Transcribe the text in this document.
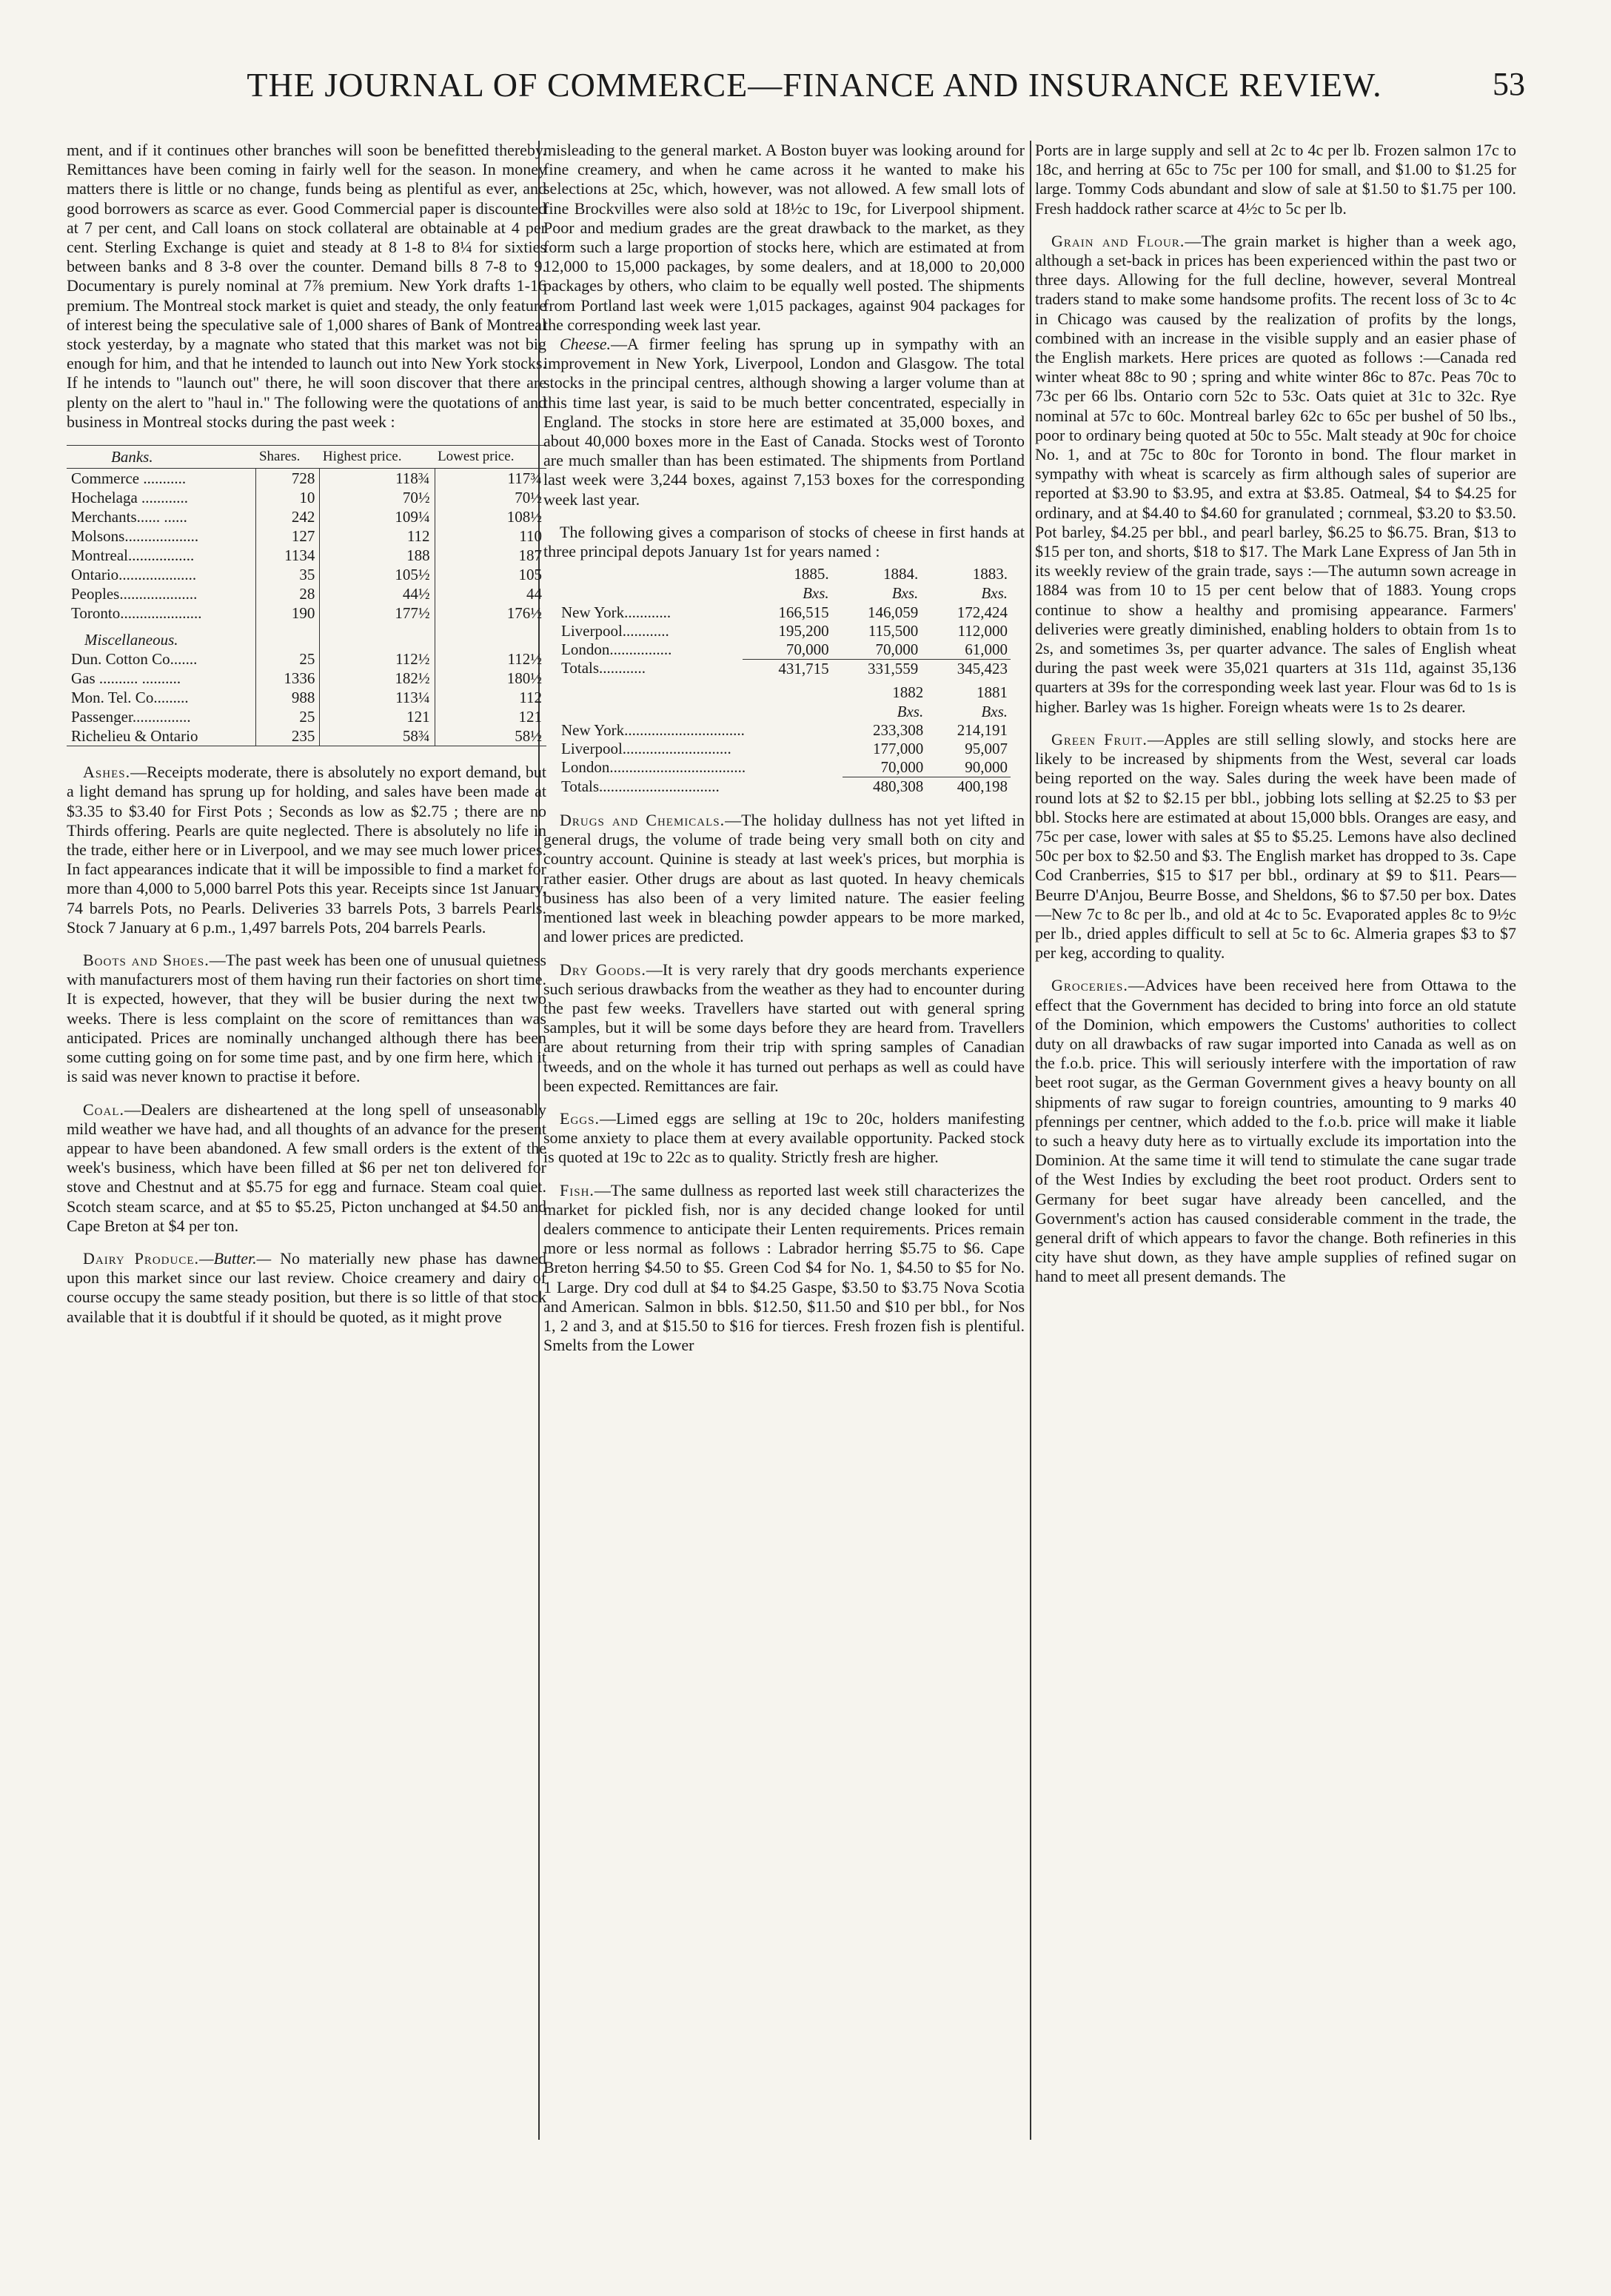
THE JOURNAL OF COMMERCE—FINANCE AND INSURANCE REVIEW.	53

ment, and if it continues other branches will soon be benefitted thereby. Remittances have been coming in fairly well for the season. In money matters there is little or no change, funds being as plentiful as ever, and good borrowers as scarce as ever. Good Commercial paper is discounted at 7 per cent, and Call loans on stock collateral are obtainable at 4 per cent. Sterling Exchange is quiet and steady at 8 1-8 to 8¼ for sixties between banks and 8 3-8 over the counter. Demand bills 8 7-8 to 9. Documentary is purely nominal at 7⅞ premium. New York drafts 1-16 premium. The Montreal stock market is quiet and steady, the only feature of interest being the speculative sale of 1,000 shares of Bank of Montreal stock yesterday, by a magnate who stated that this market was not big enough for him, and that he intended to launch out into New York stocks. If he intends to "launch out" there, he will soon discover that there are plenty on the alert to "haul in." The following were the quotations of and business in Montreal stocks during the past week :

Banks.	Shares.	Highest price.	Lowest price.
Commerce ...........	728	118¾	117¾
Hochelaga ............	10	70½	70½
Merchants...... ......	242	109¼	108½
Molsons...................	127	112	110
Montreal.................	1134	188	187
Ontario....................	35	105½	105
Peoples....................	28	44½	44
Toronto.....................	190	177½	176½
Miscellaneous.			
Dun. Cotton Co.......	25	112½	112½
Gas .......... ..........	1336	182½	180½
Mon. Tel. Co.........	988	113¼	112
Passenger...............	25	121	121
Richelieu & Ontario	235	58¾	58½

Ashes.—Receipts moderate, there is absolutely no export demand, but a light demand has sprung up for holding, and sales have been made at $3.35 to $3.40 for First Pots ; Seconds as low as $2.75 ; there are no Thirds offering. Pearls are quite neglected. There is absolutely no life in the trade, either here or in Liverpool, and we may see much lower prices. In fact appearances indicate that it will be impossible to find a market for more than 4,000 to 5,000 barrel Pots this year. Receipts since 1st January, 74 barrels Pots, no Pearls. Deliveries 33 barrels Pots, 3 barrels Pearls. Stock 7 January at 6 p.m., 1,497 barrels Pots, 204 barrels Pearls.

Boots and Shoes.—The past week has been one of unusual quietness with manufacturers most of them having run their factories on short time. It is expected, however, that they will be busier during the next two weeks. There is less complaint on the score of remittances than was anticipated. Prices are nominally unchanged although there has been some cutting going on for some time past, and by one firm here, which it is said was never known to practise it before.

Coal.—Dealers are disheartened at the long spell of unseasonably mild weather we have had, and all thoughts of an advance for the present appear to have been abandoned. A few small orders is the extent of the week's business, which have been filled at $6 per net ton delivered for stove and Chestnut and at $5.75 for egg and furnace. Steam coal quiet. Scotch steam scarce, and at $5 to $5.25, Picton unchanged at $4.50 and Cape Breton at $4 per ton.

Dairy Produce.—Butter.— No materially new phase has dawned upon this market since our last review. Choice creamery and dairy of course occupy the same steady position, but there is so little of that stock available that it is doubtful if it should be quoted, as it might prove

misleading to the general market. A Boston buyer was looking around for fine creamery, and when he came across it he wanted to make his selections at 25c, which, however, was not allowed. A few small lots of fine Brockvilles were also sold at 18½c to 19c, for Liverpool shipment. Poor and medium grades are the great drawback to the market, as they form such a large proportion of stocks here, which are estimated at from 12,000 to 15,000 packages, by some dealers, and at 18,000 to 20,000 packages by others, who claim to be equally well posted. The shipments from Portland last week were 1,015 packages, against 904 packages for the corresponding week last year.

Cheese.—A firmer feeling has sprung up in sympathy with an improvement in New York, Liverpool, London and Glasgow. The total stocks in the principal centres, although showing a larger volume than at this time last year, is said to be much better concentrated, especially in England. The stocks in store here are estimated at 35,000 boxes, and about 40,000 boxes more in the East of Canada. Stocks west of Toronto are much smaller than has been estimated. The shipments from Portland last week were 3,244 boxes, against 7,153 boxes for the corresponding week last year.

The following gives a comparison of stocks of cheese in first hands at three principal depots January 1st for years named :

	1885.	1884.	1883.
	Bxs.	Bxs.	Bxs.
New York............	166,515	146,059	172,424
Liverpool............	195,200	115,500	112,000
London................	70,000	70,000	61,000
Totals............	431,715	331,559	345,423
	1882	1881
	Bxs.	Bxs.
New York...............................	233,308	214,191
Liverpool............................	177,000	95,007
London...................................	70,000	90,000
Totals...............................	480,308	400,198

Drugs and Chemicals.—The holiday dullness has not yet lifted in general drugs, the volume of trade being very small both on city and country account. Quinine is steady at last week's prices, but morphia is rather easier. Other drugs are about as last quoted. In heavy chemicals business has also been of a very limited nature. The easier feeling mentioned last week in bleaching powder appears to be more marked, and lower prices are predicted.

Dry Goods.—It is very rarely that dry goods merchants experience such serious drawbacks from the weather as they had to encounter during the past few weeks. Travellers have started out with general spring samples, but it will be some days before they are heard from. Travellers are about returning from their trip with spring samples of Canadian tweeds, and on the whole it has turned out perhaps as well as could have been expected. Remittances are fair.

Eggs.—Limed eggs are selling at 19c to 20c, holders manifesting some anxiety to place them at every available opportunity. Packed stock is quoted at 19c to 22c as to quality. Strictly fresh are higher.

Fish.—The same dullness as reported last week still characterizes the market for pickled fish, nor is any decided change looked for until dealers commence to anticipate their Lenten requirements. Prices remain more or less normal as follows : Labrador herring $5.75 to $6. Cape Breton herring $4.50 to $5. Green Cod $4 for No. 1, $4.50 to $5 for No. 1 Large. Dry cod dull at $4 to $4.25 Gaspe, $3.50 to $3.75 Nova Scotia and American. Salmon in bbls. $12.50, $11.50 and $10 per bbl., for Nos 1, 2 and 3, and at $15.50 to $16 for tierces. Fresh frozen fish is plentiful. Smelts from the Lower

Ports are in large supply and sell at 2c to 4c per lb. Frozen salmon 17c to 18c, and herring at 65c to 75c per 100 for small, and $1.00 to $1.25 for large. Tommy Cods abundant and slow of sale at $1.50 to $1.75 per 100. Fresh haddock rather scarce at 4½c to 5c per lb.

Grain and Flour.—The grain market is higher than a week ago, although a set-back in prices has been experienced within the past two or three days. Allowing for the full decline, however, several Montreal traders stand to make some handsome profits. The recent loss of 3c to 4c in Chicago was caused by the realization of profits by the longs, combined with an increase in the visible supply and an easier phase of the English markets. Here prices are quoted as follows :—Canada red winter wheat 88c to 90 ; spring and white winter 86c to 87c. Peas 70c to 73c per 66 lbs. Ontario corn 52c to 53c. Oats quiet at 31c to 32c. Rye nominal at 57c to 60c. Montreal barley 62c to 65c per bushel of 50 lbs., poor to ordinary being quoted at 50c to 55c. Malt steady at 90c for choice No. 1, and at 75c to 80c for Toronto in bond. The flour market in sympathy with wheat is scarcely as firm although sales of superior are reported at $3.90 to $3.95, and extra at $3.85. Oatmeal, $4 to $4.25 for ordinary, and at $4.40 to $4.60 for granulated ; cornmeal, $3.20 to $3.50. Pot barley, $4.25 per bbl., and pearl barley, $6.25 to $6.75. Bran, $13 to $15 per ton, and shorts, $18 to $17. The Mark Lane Express of Jan 5th in its weekly review of the grain trade, says :—The autumn sown acreage in 1884 was from 10 to 15 per cent below that of 1883. Young crops continue to show a healthy and promising appearance. Farmers' deliveries were greatly diminished, enabling holders to obtain from 1s to 2s, and sometimes 3s, per quarter advance. The sales of English wheat during the past week were 35,021 quarters at 31s 11d, against 35,136 quarters at 39s for the corresponding week last year. Flour was 6d to 1s is higher. Barley was 1s higher. Foreign wheats were 1s to 2s dearer.

Green Fruit.—Apples are still selling slowly, and stocks here are likely to be increased by shipments from the West, several car loads being reported on the way. Sales during the week have been made of round lots at $2 to $2.15 per bbl., jobbing lots selling at $2.25 to $3 per bbl. Stocks here are estimated at about 15,000 bbls. Oranges are easy, and 75c per case, lower with sales at $5 to $5.25. Lemons have also declined 50c per box to $2.50 and $3. The English market has dropped to 3s. Cape Cod Cranberries, $15 to $17 per bbl., ordinary at $9 to $11. Pears—Beurre D'Anjou, Beurre Bosse, and Sheldons, $6 to $7.50 per box. Dates—New 7c to 8c per lb., and old at 4c to 5c. Evaporated apples 8c to 9½c per lb., dried apples difficult to sell at 5c to 6c. Almeria grapes $3 to $7 per keg, according to quality.

Groceries.—Advices have been received here from Ottawa to the effect that the Government has decided to bring into force an old statute of the Dominion, which empowers the Customs' authorities to collect duty on all drawbacks of raw sugar imported into Canada as well as on the f.o.b. price. This will seriously interfere with the importation of raw beet root sugar, as the German Government gives a heavy bounty on all shipments of raw sugar to foreign countries, amounting to 9 marks 40 pfennings per centner, which added to the f.o.b. price will make it liable to such a heavy duty here as to virtually exclude its importation into the Dominion. At the same time it will tend to stimulate the cane sugar trade of the West Indies by excluding the beet root product. Orders sent to Germany for beet sugar have already been cancelled, and the Government's action has caused considerable comment in the trade, the general drift of which appears to favor the change. Both refineries in this city have shut down, as they have ample supplies of refined sugar on hand to meet all present demands. The
